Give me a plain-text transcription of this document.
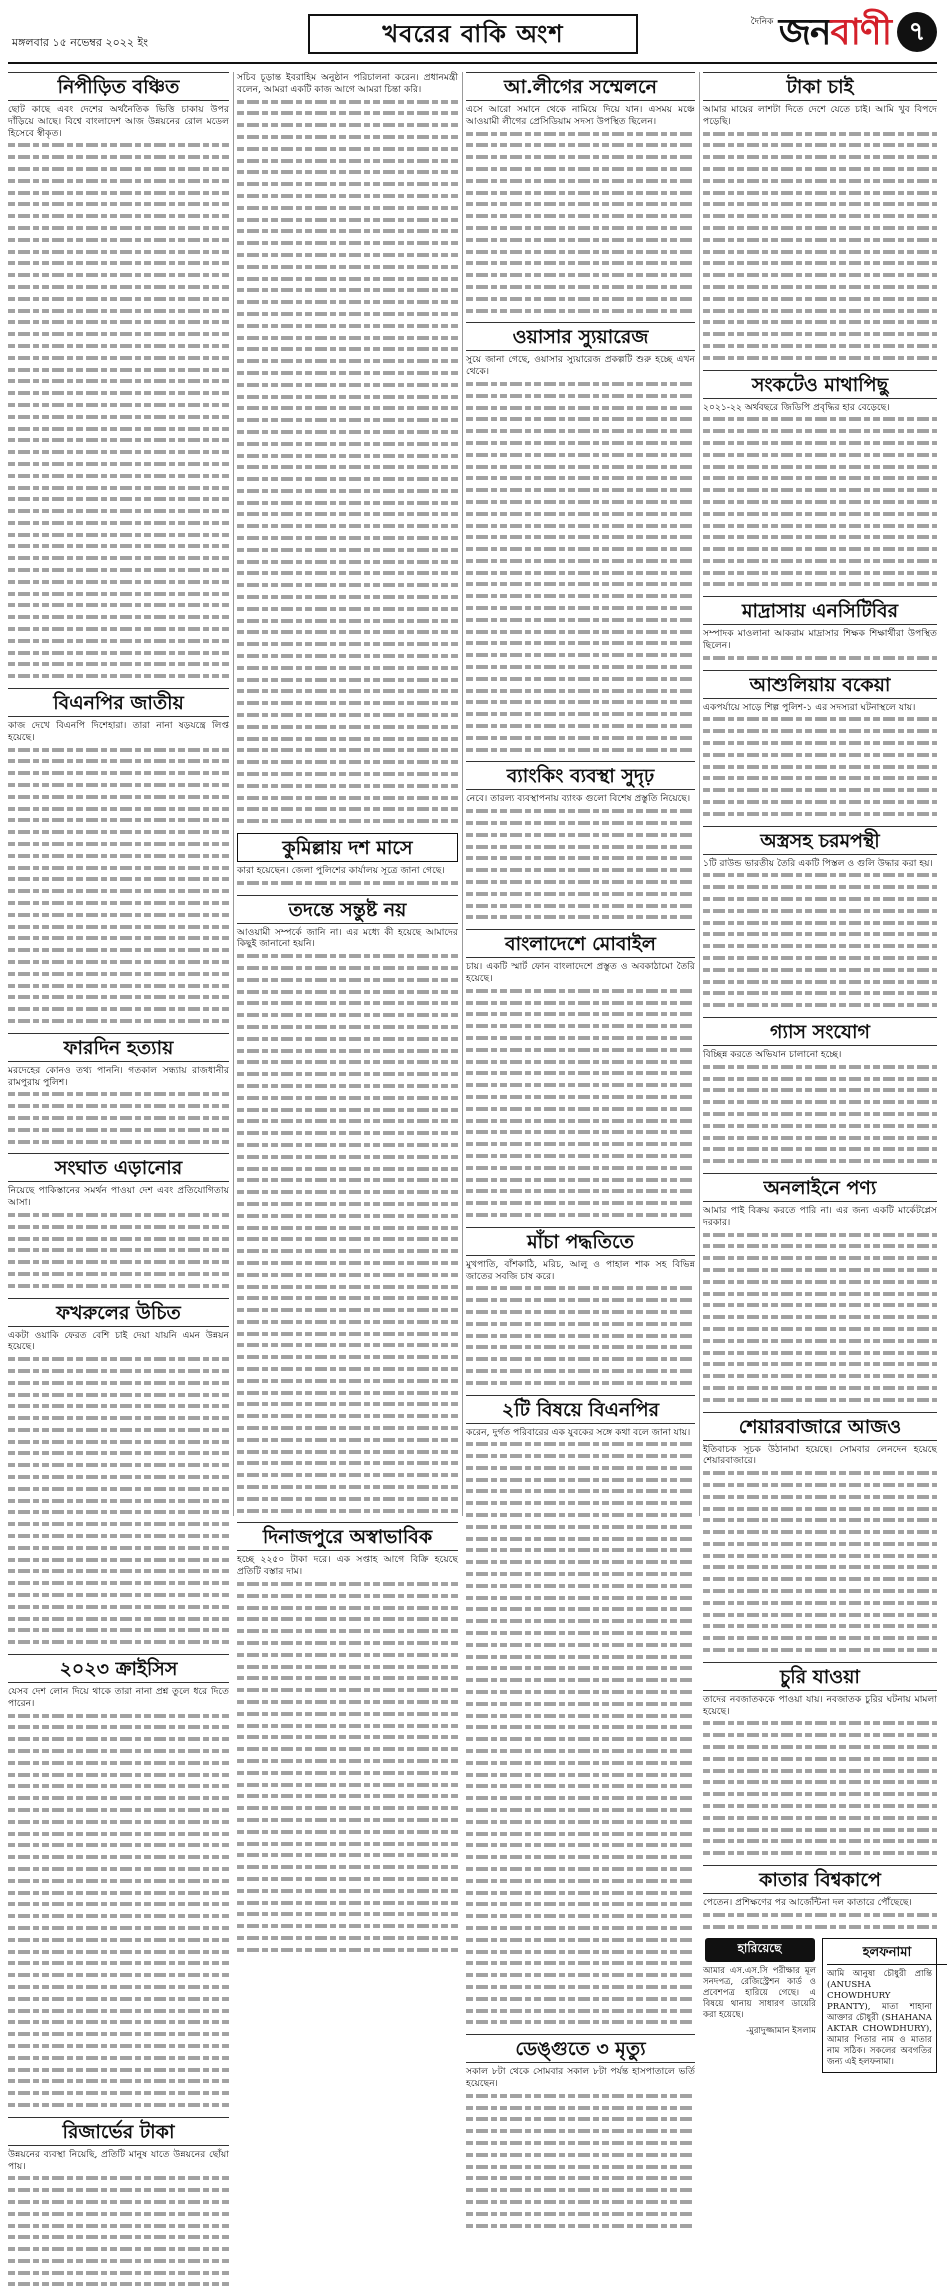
মঙ্গলবার ১৫ নভেম্বর ২০২২ ইং	খবরের বাকি অংশ	দৈনিক জনবাণী ৭
নিপীড়িত বঞ্চিত

ছোট কাছে এবং দেশের অর্থনৈতিক ভিত্তি চাকায় উপর দাঁড়িয়ে আছে। বিশ্বে বাংলাদেশ আজ উন্নয়নের রোল মডেল হিসেবে স্বীকৃত।

বিএনপির জাতীয়

কাজ দেখে বিএনপি দিশেহারা। তারা নানা ষড়যন্ত্রে লিপ্ত হয়েছে।

ফারদিন হত্যায়

মরদেহের কোনও তথ্য পাননি। গতকাল সন্ধ্যায় রাজধানীর রামপুরায় পুলিশ।

সংঘাত এড়ানোর

নিয়েছে পাকিস্তানের সমর্থন পাওয়া দেশ এবং প্রতিযোগিতায় আসা।

ফখরুলের উচিত

একটা ওয়াকি ফেরত বেশি চাই দেয়া যায়নি এমন উন্নয়ন হয়েছে।

২০২৩ ক্রাইসিস

যেসব দেশ লোন দিয়ে থাকে তারা নানা প্রশ্ন তুলে ধরে দিতে পারেন।

রিজার্ভের টাকা

উন্নয়নের ব্যবস্থা নিয়েছি, প্রতিটি মানুষ যাতে উন্নয়নের ছোঁয়া পায়।

সচিব চূড়ান্ত ইবরাহিম অনুষ্ঠান পরিচালনা করেন। প্রধানমন্ত্রী বলেন, আমরা একটি কাজ আগে আমরা চিন্তা করি।

কুমিল্লায় দশ মাসে

কারা হয়েছেন। জেলা পুলিশের কার্যালয় সূত্রে জানা গেছে।

তদন্তে সন্তুষ্ট নয়

আওয়ামী সম্পর্কে জানি না। এর মধ্যে কী হয়েছে আমাদের কিছুই জানানো হয়নি।

দিনাজপুরে অস্বাভাবিক

হচ্ছে ২২৫০ টাকা দরে। এক সপ্তাহ আগে বিক্রি হয়েছে প্রতিটি বস্তার দাম।

আ.লীগের সম্মেলনে

এসে আরো সমানে থেকে নামিয়ে দিয়ে যান। এসময় মঞ্চে আওয়ামী লীগের প্রেসিডিয়াম সদস্য উপস্থিত ছিলেন।

ওয়াসার স্যুয়ারেজ

সুয়ে জানা গেছে, ওয়াসার স্যুয়ারেজ প্রকল্পটি শুরু হচ্ছে এখন থেকে।

ব্যাংকিং ব্যবস্থা সুদৃঢ়

নেবে। তারল্য ব্যবস্থাপনায় ব্যাংক গুলো বিশেষ প্রস্তুতি নিয়েছে।

বাংলাদেশে মোবাইল

চায়। একটি স্মার্ট ফোন বাংলাদেশে প্রস্তুত ও অবকাঠামো তৈরি হয়েছে।

মাঁচা পদ্ধতিতে

মুখপাতি, বাঁশকাঠি, মরিচ, আলু ও পাহাল শাক সহ বিভিন্ন জাতের সবজি চাষ করে।

২টি বিষয়ে বিএনপির

করেন, দুর্গত পরিবারের এক যুবকের সঙ্গে কথা বলে জানা যায়।

ডেঙ্গুতে ৩ মৃত্যু

সকাল ৮টা থেকে সোমবার সকাল ৮টা পর্যন্ত হাসপাতালে ভর্তি হয়েছেন।

টাকা চাই

আমার মায়ের লাশটা দিতে দেশে যেতে চাই। আমি খুব বিপদে পড়েছি।

সংকটেও মাথাপিছু

২০২১-২২ অর্থবছরে জিডিপি প্রবৃদ্ধির হার বেড়েছে।

মাদ্রাসায় এনসিটিবির

সম্পাদক মাওলানা আকরাম মাদ্রাসার শিক্ষক শিক্ষার্থীরা উপস্থিত ছিলেন।

আশুলিয়ায় বকেয়া

একপর্যায়ে সাড়ে শিল্প পুলিশ-১ এর সদস্যরা ঘটনাস্থলে যায়।

অস্ত্রসহ চরমপন্থী

১টি রাউন্ড ভারতীয় তৈরি একটি পিস্তল ও গুলি উদ্ধার করা হয়।

গ্যাস সংযোগ

বিচ্ছিন্ন করতে অভিযান চালানো হচ্ছে।

অনলাইনে পণ্য

আমার পাই বিক্রয় করতে পারি না। এর জন্য একটি মার্কেটপ্লেস দরকার।

শেয়ারবাজারে আজও

ইতিবাচক সূচক উঠানামা হয়েছে। সোমবার লেনদেন হয়েছে শেয়ারবাজারে।

চুরি যাওয়া

তাদের নবজাতককে পাওয়া যায়। নবজাতক চুরির ঘটনায় মামলা হয়েছে।

কাতার বিশ্বকাপে

পেতেন। প্রশিক্ষণের পর আর্জেন্টিনা দল কাতারে পৌঁছেছে।

হারিয়েছে
আমার এস.এস.সি পরীক্ষার মূল সনদপত্র, রেজিস্ট্রেশন কার্ড ও প্রবেশপত্র হারিয়ে গেছে। এ বিষয়ে থানায় সাধারণ ডায়েরি করা হয়েছে।
-মুরাদুজ্জামান ইসলাম
হলফনামা
আমি আনুষা চৌধুরী প্রান্তি (ANUSHA CHOWDHURY PRANTY), মাতা শাহানা আক্তার চৌধুরী (SHAHANA AKTAR CHOWDHURY), আমার পিতার নাম ও মাতার নাম সঠিক। সকলের অবগতির জন্য এই হলফনামা।
